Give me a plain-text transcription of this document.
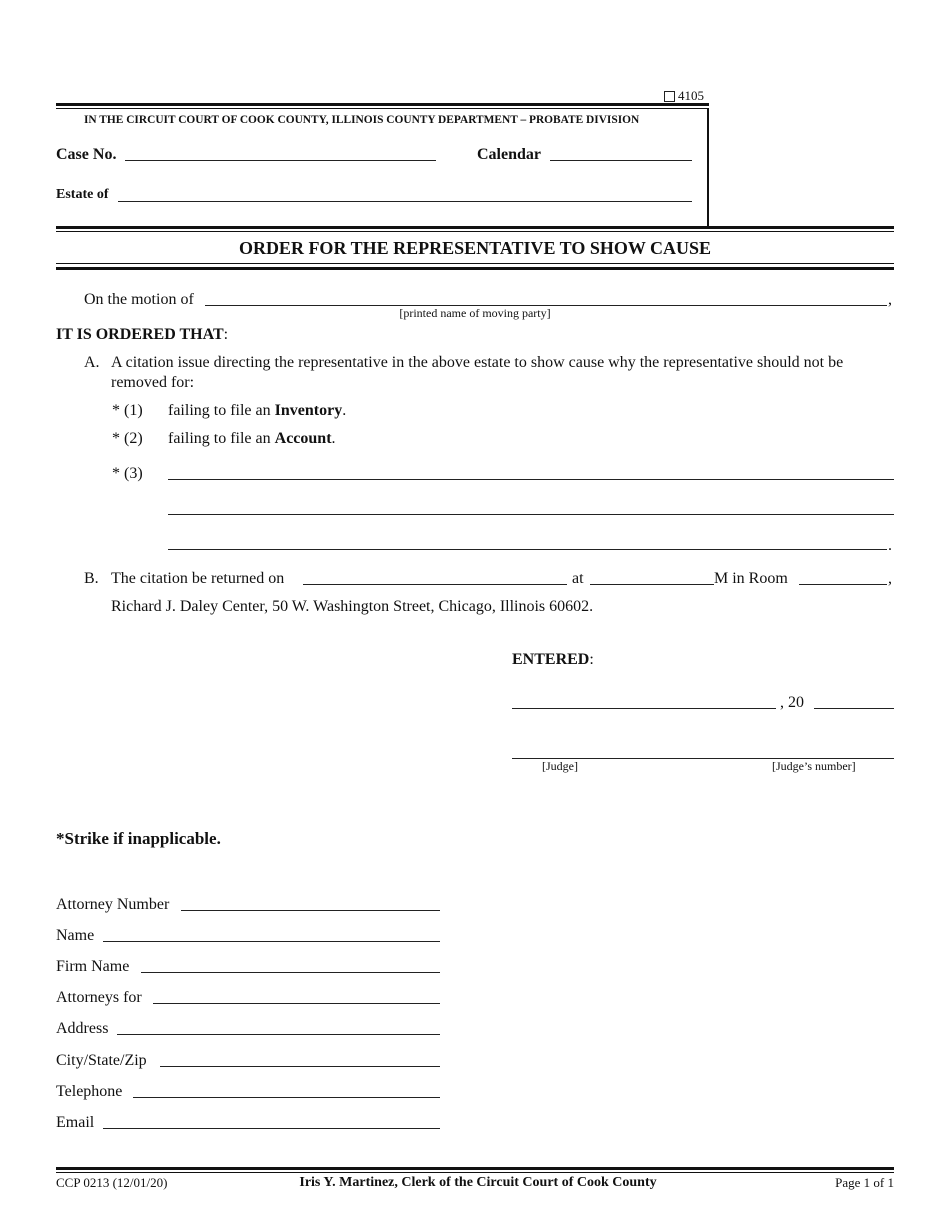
4105
IN THE CIRCUIT COURT OF COOK COUNTY, ILLINOIS COUNTY DEPARTMENT – PROBATE DIVISION
Case No.	Calendar
Estate of
ORDER FOR THE REPRESENTATIVE TO SHOW CAUSE
On the motion of	,
[printed name of moving party]
IT IS ORDERED THAT:
A. A citation issue directing the representative in the above estate to show cause why the representative should not be
removed for:
* (1) failing to file an Inventory.
* (2) failing to file an Account.
* (3)
.
B. The citation be returned on	at	M in Room	,
Richard J. Daley Center, 50 W. Washington Street, Chicago, Illinois 60602.
ENTERED:
, 20
[Judge]	[Judge’s number]
*Strike if inapplicable.
Attorney Number
Name
Firm Name
Attorneys for
Address
City/State/Zip
Telephone
Email
CCP 0213 (12/01/20)	Iris Y. Martinez, Clerk of the Circuit Court of Cook County	Page 1 of 1
